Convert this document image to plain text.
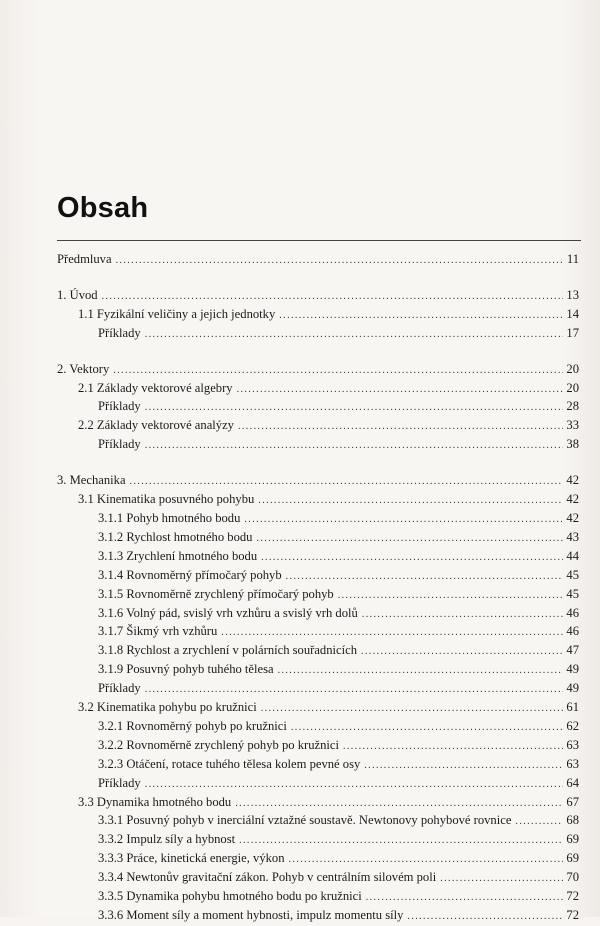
Obsah
Předmluva .....	11
1. Úvod .....	13
1.1 Fyzikální veličiny a jejich jednotky .....	14
Příklady .....	17
2. Vektory .....	20
2.1 Základy vektorové algebry .....	20
Příklady .....	28
2.2 Základy vektorové analýzy .....	33
Příklady .....	38
3. Mechanika .....	42
3.1 Kinematika posuvného pohybu .....	42
3.1.1 Pohyb hmotného bodu .....	42
3.1.2 Rychlost hmotného bodu .....	43
3.1.3 Zrychlení hmotného bodu .....	44
3.1.4 Rovnoměrný přímočarý pohyb .....	45
3.1.5 Rovnoměrně zrychlený přímočarý pohyb .....	45
3.1.6 Volný pád, svislý vrh vzhůru a svislý vrh dolů .....	46
3.1.7 Šikmý vrh vzhůru .....	46
3.1.8 Rychlost a zrychlení v polárních souřadnicích .....	47
3.1.9 Posuvný pohyb tuhého tělesa .....	49
Příklady .....	49
3.2 Kinematika pohybu po kružnici .....	61
3.2.1 Rovnoměrný pohyb po kružnici .....	62
3.2.2 Rovnoměrně zrychlený pohyb po kružnici .....	63
3.2.3 Otáčení, rotace tuhého tělesa kolem pevné osy .....	63
Příklady .....	64
3.3 Dynamika hmotného bodu .....	67
3.3.1 Posuvný pohyb v inerciální vztažné soustavě. Newtonovy pohybové rovnice .....	68
3.3.2 Impulz síly a hybnost .....	69
3.3.3 Práce, kinetická energie, výkon .....	69
3.3.4 Newtonův gravitační zákon. Pohyb v centrálním silovém poli .....	70
3.3.5 Dynamika pohybu hmotného bodu po kružnici .....	72
3.3.6 Moment síly a moment hybnosti, impulz momentu síly .....	72
